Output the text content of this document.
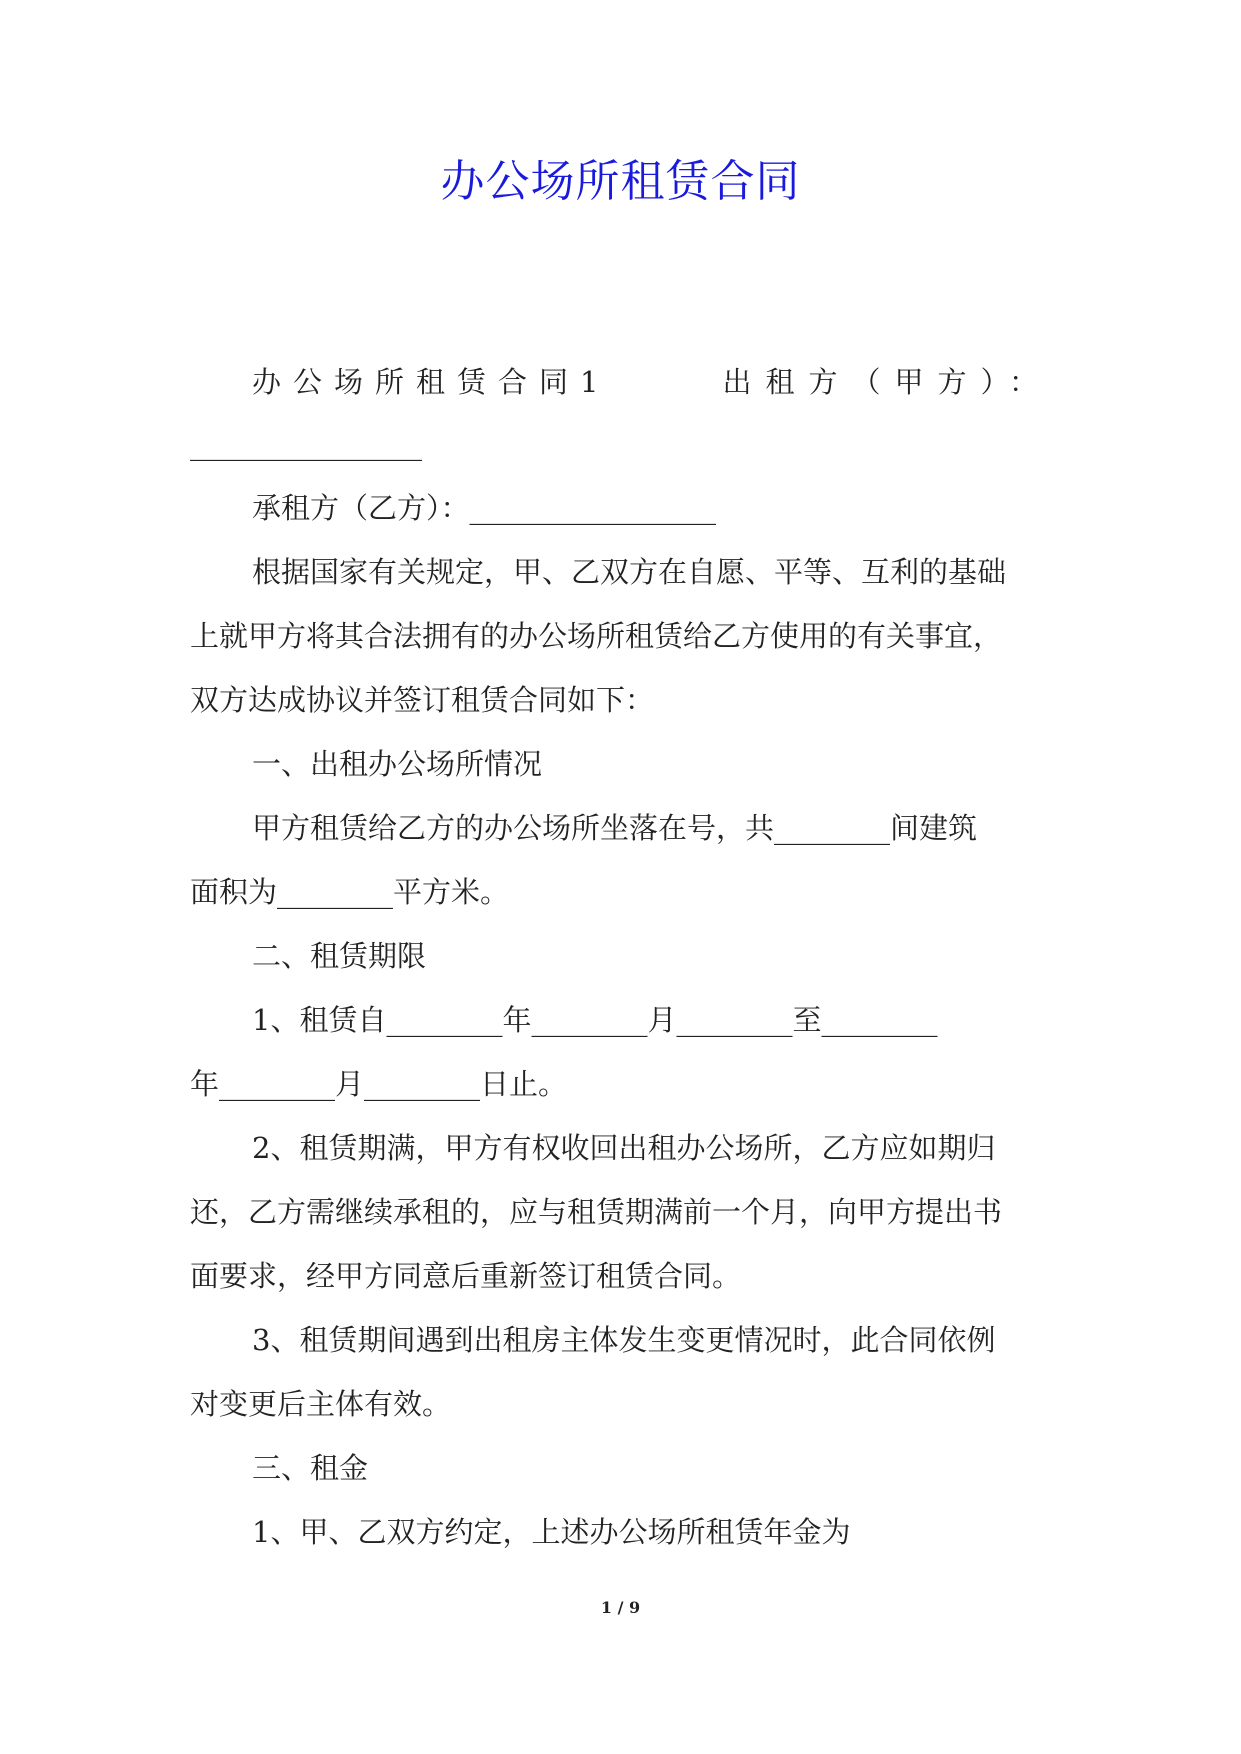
办公场所租赁合同
办公场所租赁合同1	出租方（甲方）：
________________
承租方（乙方）：_________________
根据国家有关规定，甲、乙双方在自愿、平等、互利的基础
上就甲方将其合法拥有的办公场所租赁给乙方使用的有关事宜，
双方达成协议并签订租赁合同如下：
一、出租办公场所情况
甲方租赁给乙方的办公场所坐落在号，共________间建筑
面积为________平方米。
二、租赁期限
1、租赁自________年________月________至________
年________月________日止。
2、租赁期满，甲方有权收回出租办公场所，乙方应如期归
还，乙方需继续承租的，应与租赁期满前一个月，向甲方提出书
面要求，经甲方同意后重新签订租赁合同。
3、租赁期间遇到出租房主体发生变更情况时，此合同依例
对变更后主体有效。
三、租金
1、甲、乙双方约定，上述办公场所租赁年金为
1 / 9
